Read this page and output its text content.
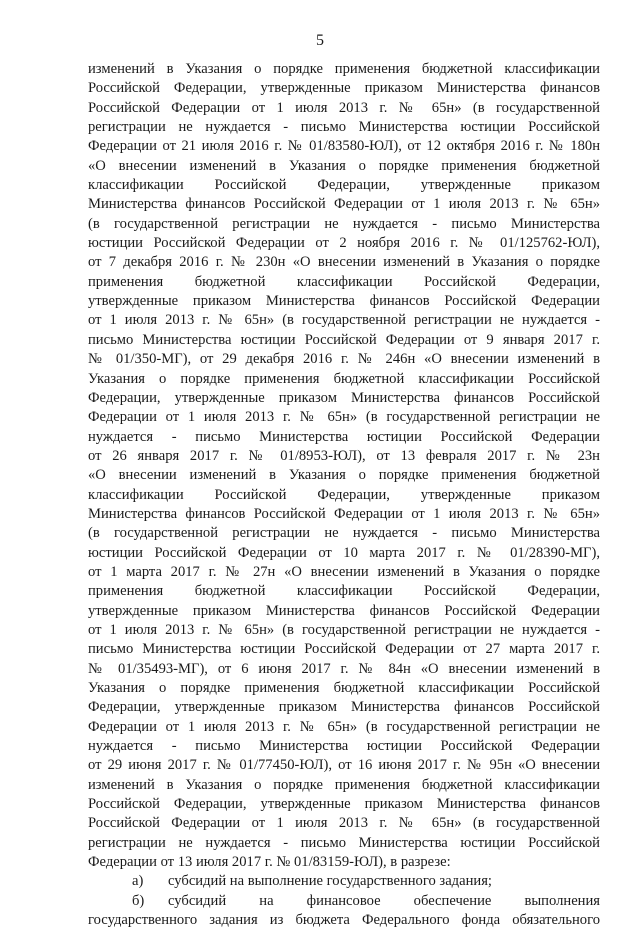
5
изменений в Указания о порядке применения бюджетной классификации
Российской Федерации, утвержденные приказом Министерства финансов
Российской Федерации от 1 июля 2013 г. № 65н» (в государственной
регистрации не нуждается - письмо Министерства юстиции Российской
Федерации от 21 июля 2016 г. № 01/83580-ЮЛ), от 12 октября 2016 г. № 180н
«О внесении изменений в Указания о порядке применения бюджетной
классификации Российской Федерации, утвержденные приказом
Министерства финансов Российской Федерации от 1 июля 2013 г. № 65н»
(в государственной регистрации не нуждается - письмо Министерства
юстиции Российской Федерации от 2 ноября 2016 г. № 01/125762-ЮЛ),
от 7 декабря 2016 г. № 230н «О внесении изменений в Указания о порядке
применения бюджетной классификации Российской Федерации,
утвержденные приказом Министерства финансов Российской Федерации
от 1 июля 2013 г. № 65н» (в государственной регистрации не нуждается -
письмо Министерства юстиции Российской Федерации от 9 января 2017 г.
№ 01/350-МГ), от 29 декабря 2016 г. № 246н «О внесении изменений в
Указания о порядке применения бюджетной классификации Российской
Федерации, утвержденные приказом Министерства финансов Российской
Федерации от 1 июля 2013 г. № 65н» (в государственной регистрации не
нуждается - письмо Министерства юстиции Российской Федерации
от 26 января 2017 г. № 01/8953-ЮЛ), от 13 февраля 2017 г. № 23н
«О внесении изменений в Указания о порядке применения бюджетной
классификации Российской Федерации, утвержденные приказом
Министерства финансов Российской Федерации от 1 июля 2013 г. № 65н»
(в государственной регистрации не нуждается - письмо Министерства
юстиции Российской Федерации от 10 марта 2017 г. № 01/28390-МГ),
от 1 марта 2017 г. № 27н «О внесении изменений в Указания о порядке
применения бюджетной классификации Российской Федерации,
утвержденные приказом Министерства финансов Российской Федерации
от 1 июля 2013 г. № 65н» (в государственной регистрации не нуждается -
письмо Министерства юстиции Российской Федерации от 27 марта 2017 г.
№ 01/35493-МГ), от 6 июня 2017 г. № 84н «О внесении изменений в
Указания о порядке применения бюджетной классификации Российской
Федерации, утвержденные приказом Министерства финансов Российской
Федерации от 1 июля 2013 г. № 65н» (в государственной регистрации не
нуждается - письмо Министерства юстиции Российской Федерации
от 29 июня 2017 г. № 01/77450-ЮЛ), от 16 июня 2017 г. № 95н «О внесении
изменений в Указания о порядке применения бюджетной классификации
Российской Федерации, утвержденные приказом Министерства финансов
Российской Федерации от 1 июля 2013 г. № 65н» (в государственной
регистрации не нуждается - письмо Министерства юстиции Российской
Федерации от 13 июля 2017 г. № 01/83159-ЮЛ), в разрезе:
а) субсидий на выполнение государственного задания;
б) субсидий на финансовое обеспечение выполнения
государственного задания из бюджета Федерального фонда обязательного
